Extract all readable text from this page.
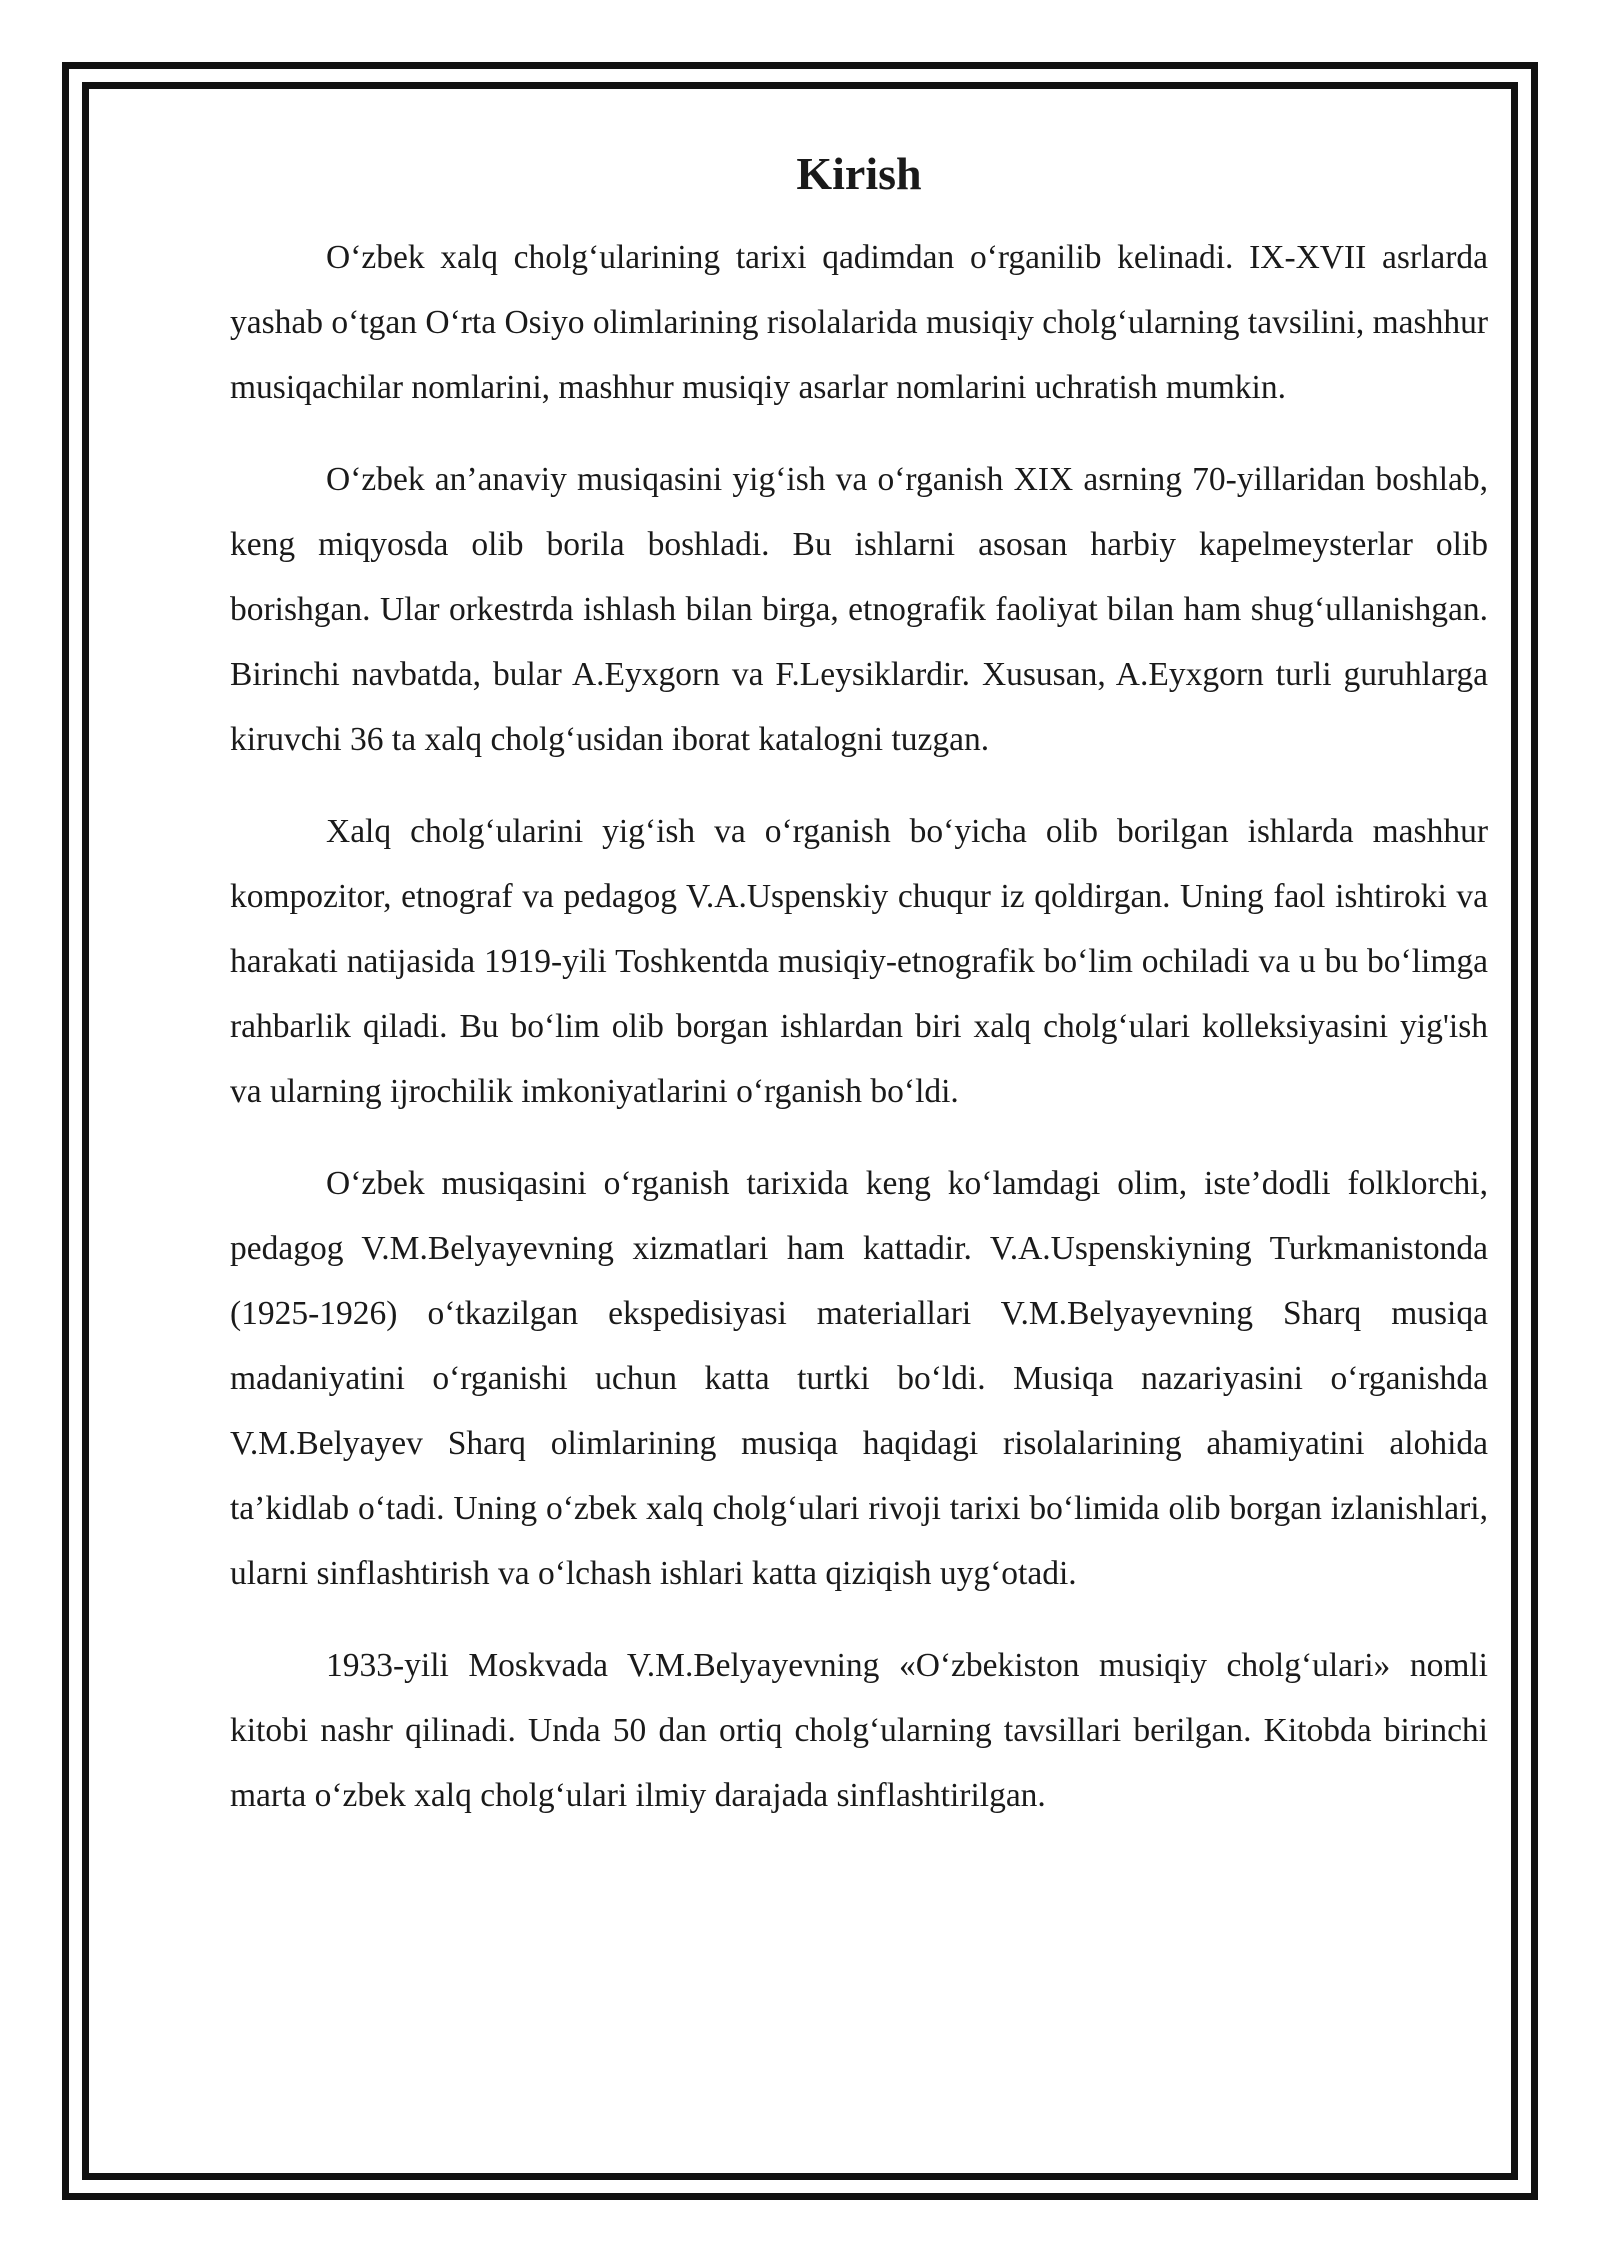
Kirish

O‘zbek xalq cholg‘ularining tarixi qadimdan o‘rganilib kelinadi. IX-XVII asrlarda yashab o‘tgan O‘rta Osiyo olimlarining risolalarida musiqiy cholg‘ularning tavsilini, mashhur musiqachilar nomlarini, mashhur musiqiy asarlar nomlarini uchratish mumkin.

O‘zbek an’anaviy musiqasini yig‘ish va o‘rganish XIX asrning 70-yillaridan boshlab, keng miqyosda olib borila boshladi. Bu ishlarni asosan harbiy kapelmeysterlar olib borishgan. Ular orkestrda ishlash bilan birga, etnografik faoliyat bilan ham shug‘ullanishgan. Birinchi navbatda, bular A.Eyxgorn va F.Leysiklardir. Xususan, A.Eyxgorn turli guruhlarga kiruvchi 36 ta xalq cholg‘usidan iborat katalogni tuzgan.

Xalq cholg‘ularini yig‘ish va o‘rganish bo‘yicha olib borilgan ishlarda mashhur kompozitor, etnograf va pedagog V.A.Uspenskiy chuqur iz qoldirgan. Uning faol ishtiroki va harakati natijasida 1919-yili Toshkentda musiqiy-etnografik bo‘lim ochiladi va u bu bo‘limga rahbarlik qiladi. Bu bo‘lim olib borgan ishlardan biri xalq cholg‘ulari kolleksiyasini yig'ish va ularning ijrochilik imkoniyatlarini o‘rganish bo‘ldi.

O‘zbek musiqasini o‘rganish tarixida keng ko‘lamdagi olim, iste’dodli folklorchi, pedagog V.M.Belyayevning xizmatlari ham kattadir. V.A.Uspenskiyning Turkmanistonda (1925-1926) o‘tkazilgan ekspedisiyasi materiallari V.M.Belyayevning Sharq musiqa madaniyatini o‘rganishi uchun katta turtki bo‘ldi. Musiqa nazariyasini o‘rganishda V.M.Belyayev Sharq olimlarining musiqa haqidagi risolalarining ahamiyatini alohida ta’kidlab o‘tadi. Uning o‘zbek xalq cholg‘ulari rivoji tarixi bo‘limida olib borgan izlanishlari, ularni sinflashtirish va o‘lchash ishlari katta qiziqish uyg‘otadi.

1933-yili Moskvada V.M.Belyayevning «O‘zbekiston musiqiy cholg‘ulari» nomli kitobi nashr qilinadi. Unda 50 dan ortiq cholg‘ularning tavsillari berilgan. Kitobda birinchi marta o‘zbek xalq cholg‘ulari ilmiy darajada sinflashtirilgan.
